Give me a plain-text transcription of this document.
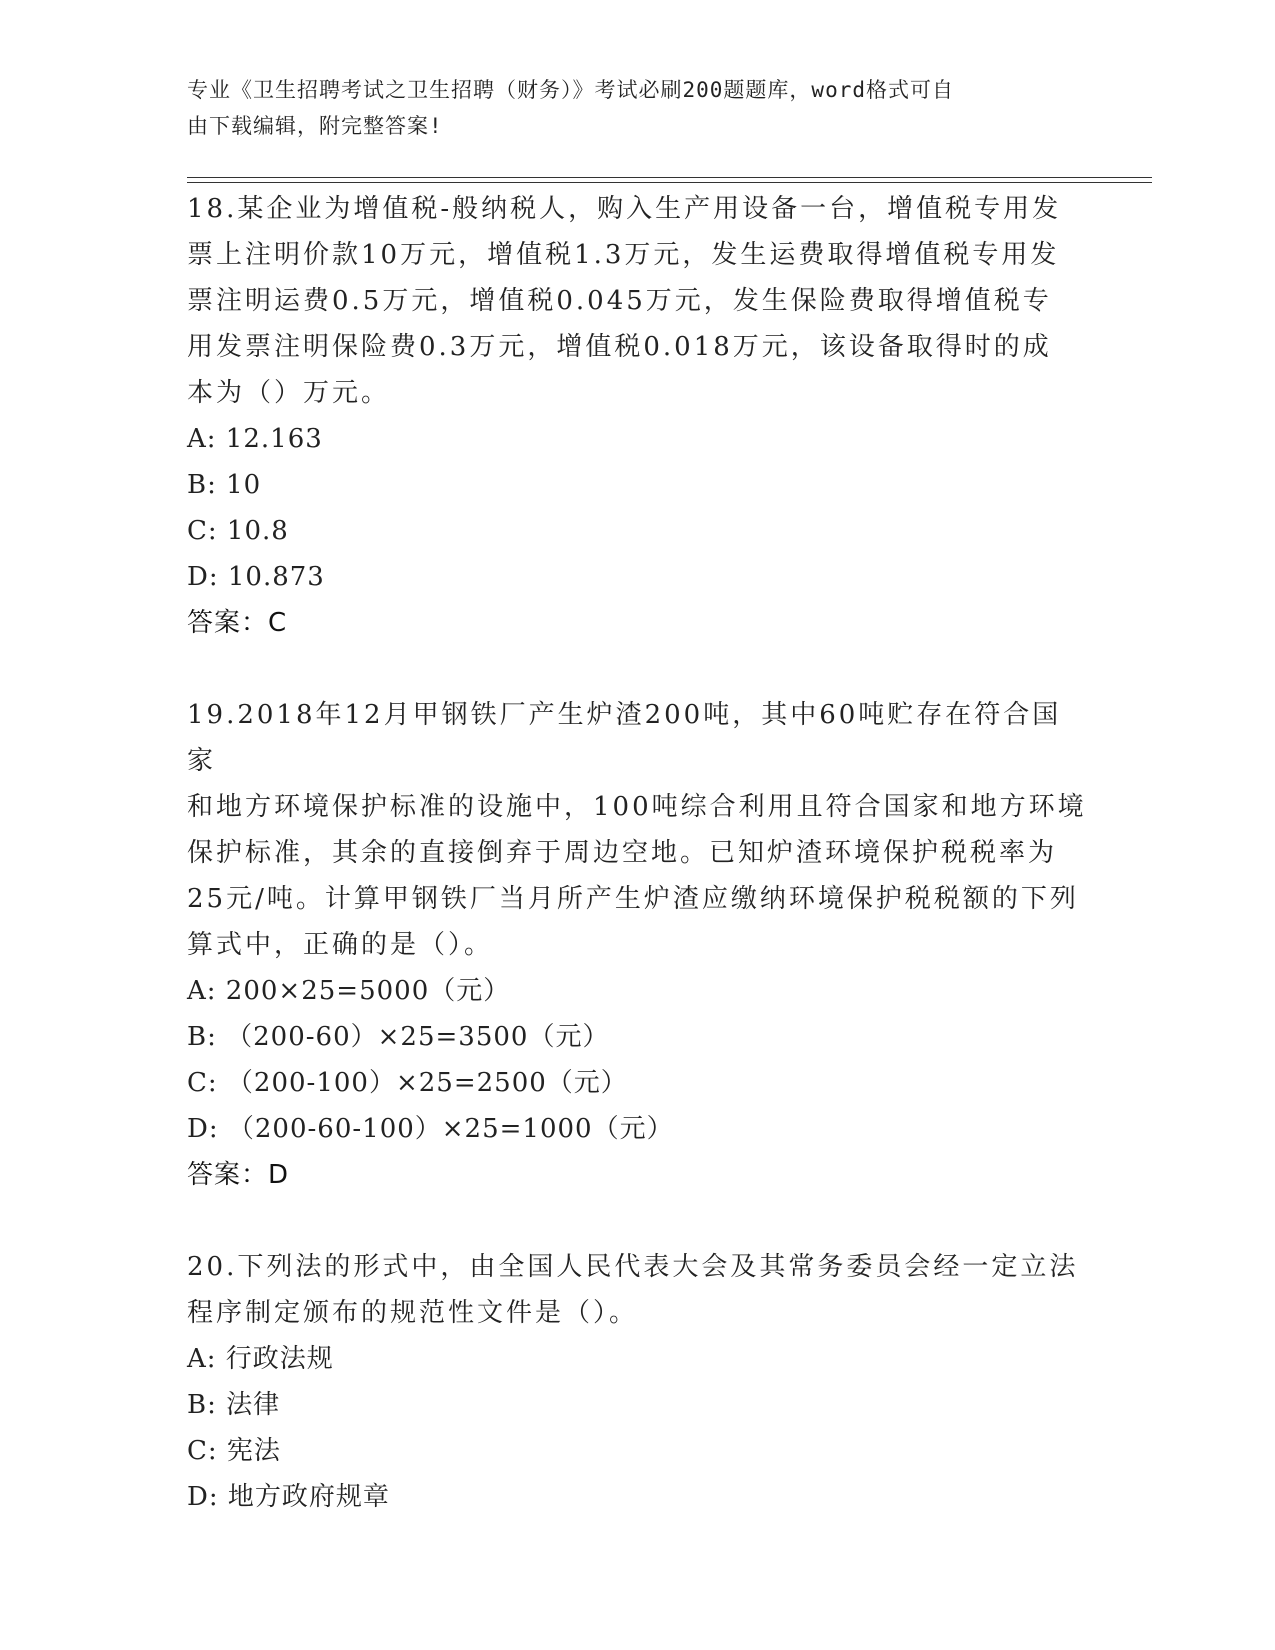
专业《卫生招聘考试之卫生招聘（财务）》考试必刷200题题库，word格式可自
由下载编辑，附完整答案!
18.某企业为增值税-般纳税人，购入生产用设备一台，增值税专用发
票上注明价款10万元，增值税1.3万元，发生运费取得增值税专用发
票注明运费0.5万元，增值税0.045万元，发生保险费取得增值税专
用发票注明保险费0.3万元，增值税0.018万元，该设备取得时的成
本为（）万元。
A: 12.163
B: 10
C: 10.8
D: 10.873
答案：C
19.2018年12月甲钢铁厂产生炉渣200吨，其中60吨贮存在符合国家
和地方环境保护标准的设施中，100吨综合利用且符合国家和地方环境
保护标准，其余的直接倒弃于周边空地。已知炉渣环境保护税税率为
25元/吨。计算甲钢铁厂当月所产生炉渣应缴纳环境保护税税额的下列
算式中，正确的是（）。
A: 200×25=5000（元）
B: （200-60）×25=3500（元）
C: （200-100）×25=2500（元）
D: （200-60-100）×25=1000（元）
答案：D
20.下列法的形式中，由全国人民代表大会及其常务委员会经一定立法
程序制定颁布的规范性文件是（）。
A: 行政法规
B: 法律
C: 宪法
D: 地方政府规章
